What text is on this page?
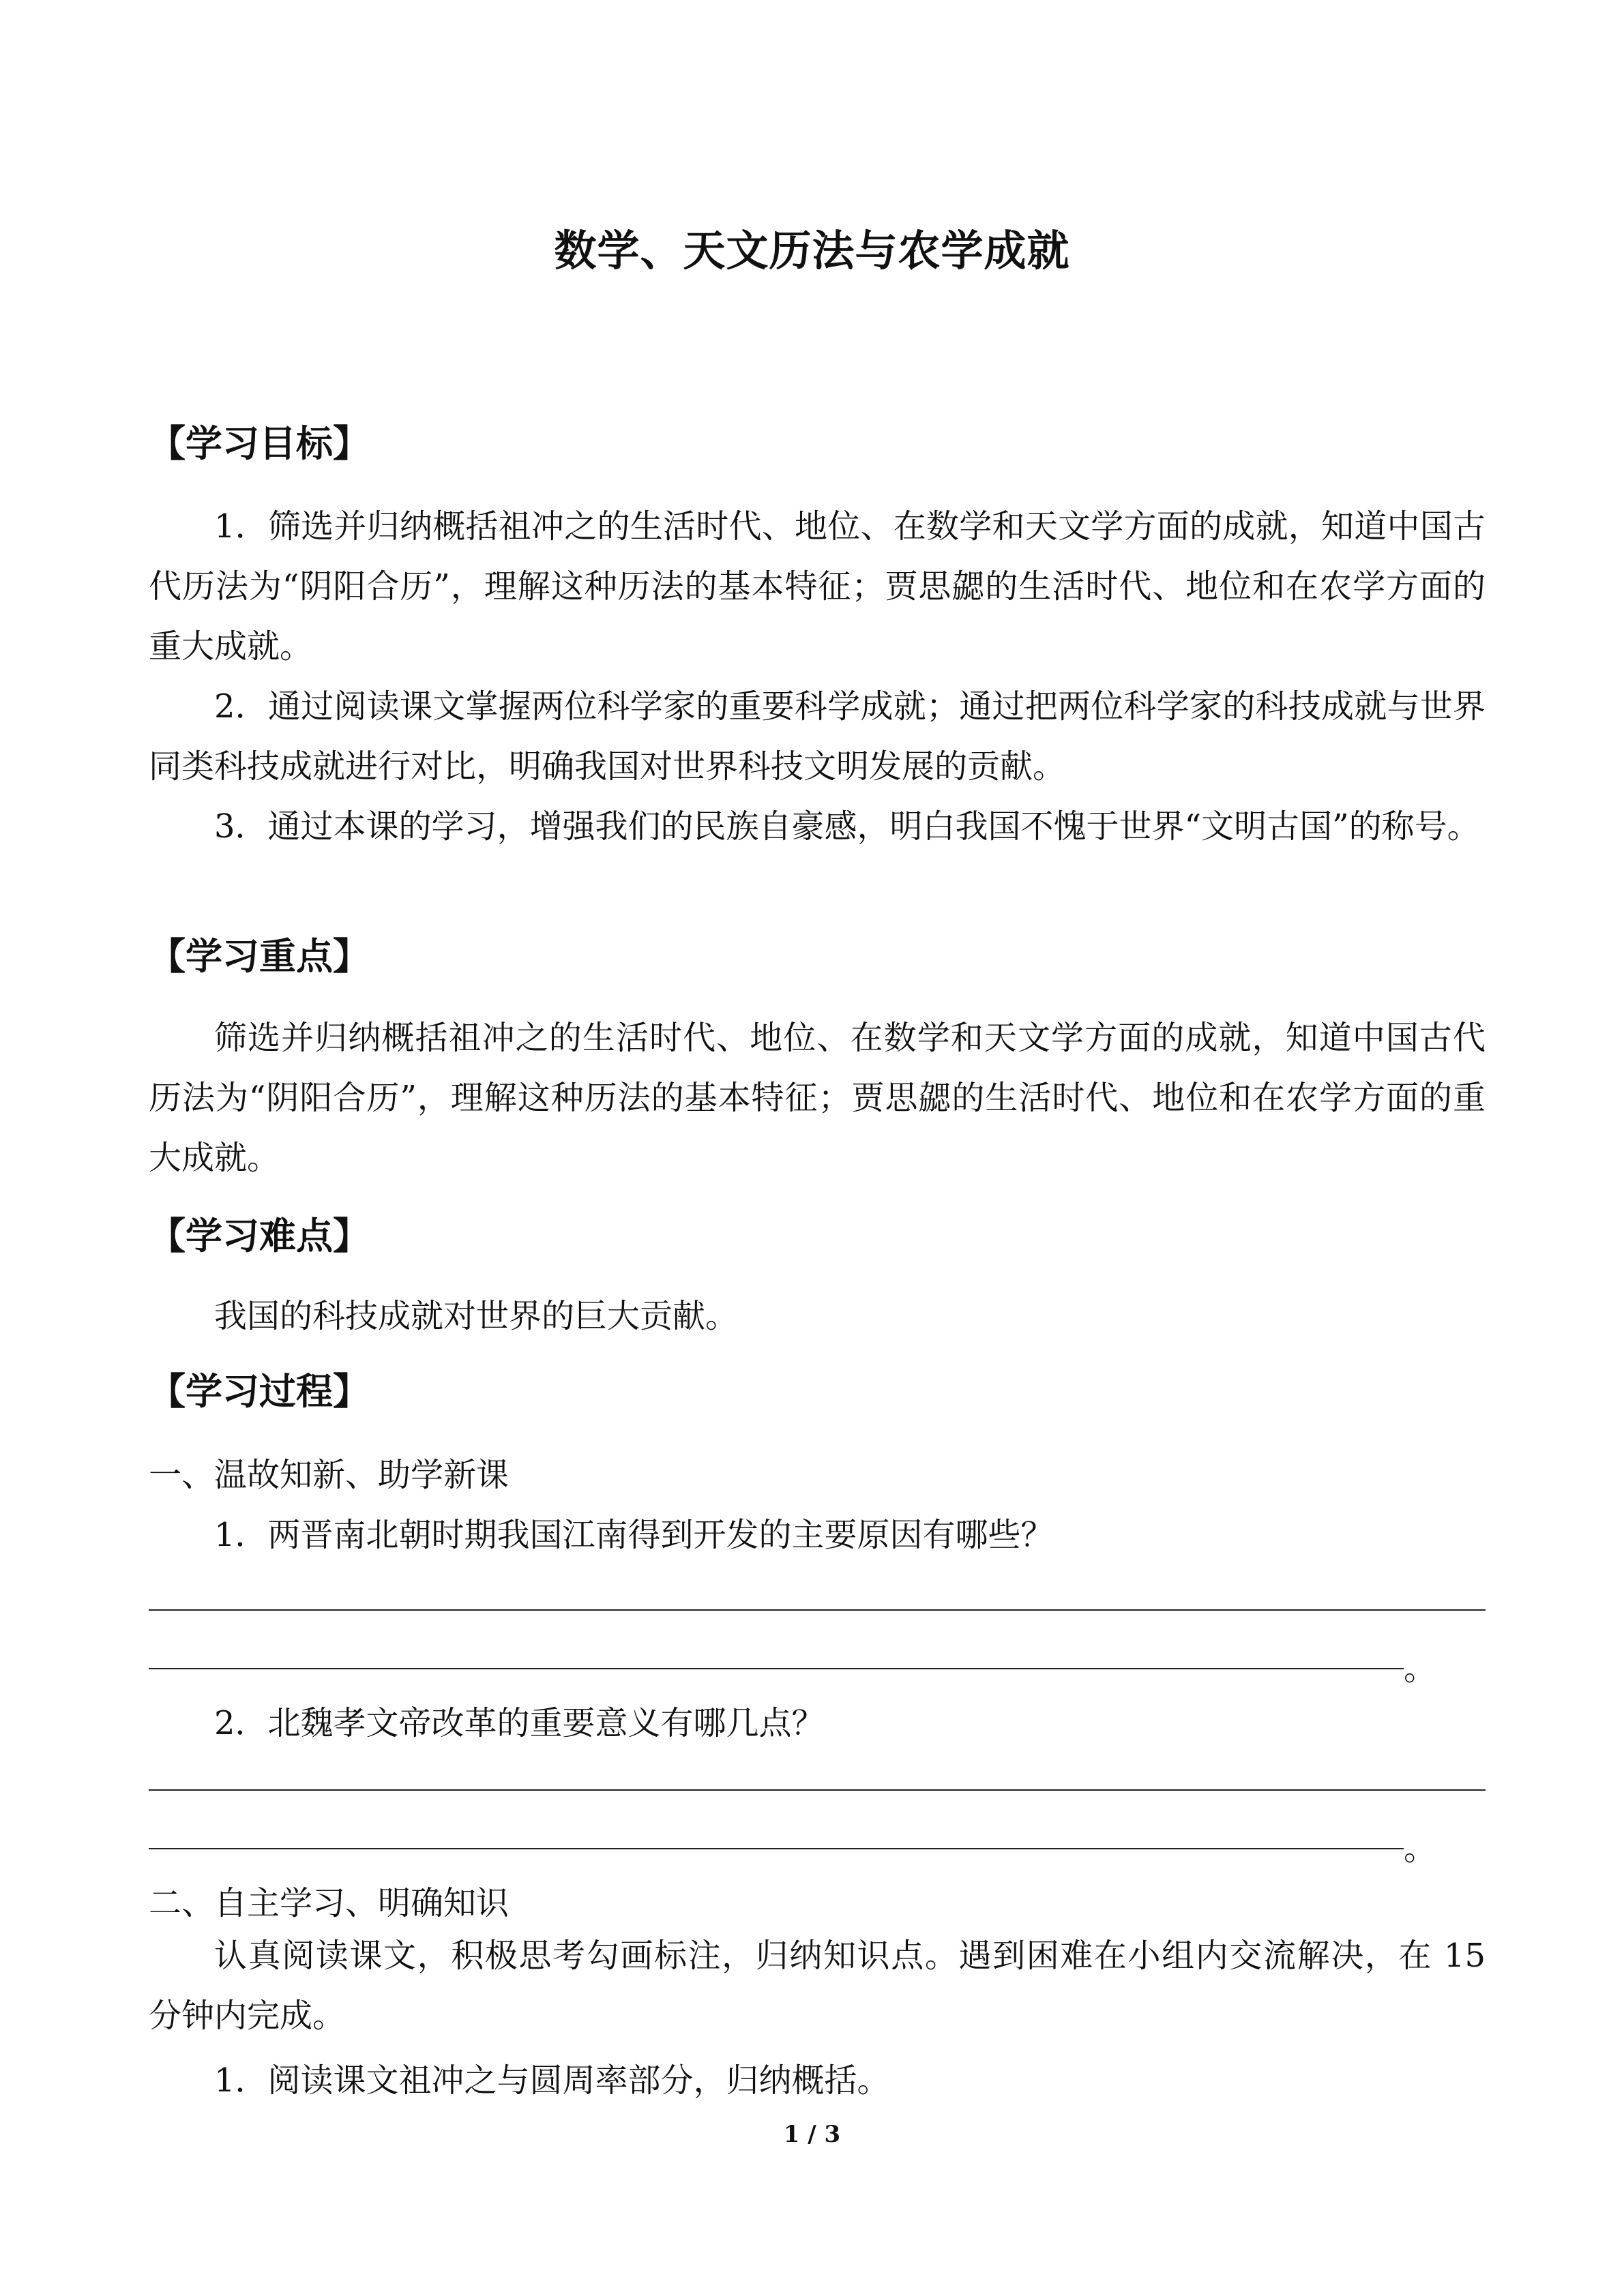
数学、天文历法与农学成就
【学习目标】

1．筛选并归纳概括祖冲之的生活时代、地位、在数学和天文学方面的成就，知道中国古代历法为“阴阳合历”，理解这种历法的基本特征；贾思勰的生活时代、地位和在农学方面的重大成就。

2．通过阅读课文掌握两位科学家的重要科学成就；通过把两位科学家的科技成就与世界同类科技成就进行对比，明确我国对世界科技文明发展的贡献。

3．通过本课的学习，增强我们的民族自豪感，明白我国不愧于世界“文明古国”的称号。

【学习重点】

筛选并归纳概括祖冲之的生活时代、地位、在数学和天文学方面的成就，知道中国古代历法为“阴阳合历”，理解这种历法的基本特征；贾思勰的生活时代、地位和在农学方面的重大成就。

【学习难点】

我国的科技成就对世界的巨大贡献。

【学习过程】
一、温故知新、助学新课
1．两晋南北朝时期我国江南得到开发的主要原因有哪些？
。
2．北魏孝文帝改革的重要意义有哪几点？
。
二、自主学习、明确知识

认真阅读课文，积极思考勾画标注，归纳知识点。遇到困难在小组内交流解决，在 15 分钟内完成。

1．阅读课文祖冲之与圆周率部分，归纳概括。
1 / 3
